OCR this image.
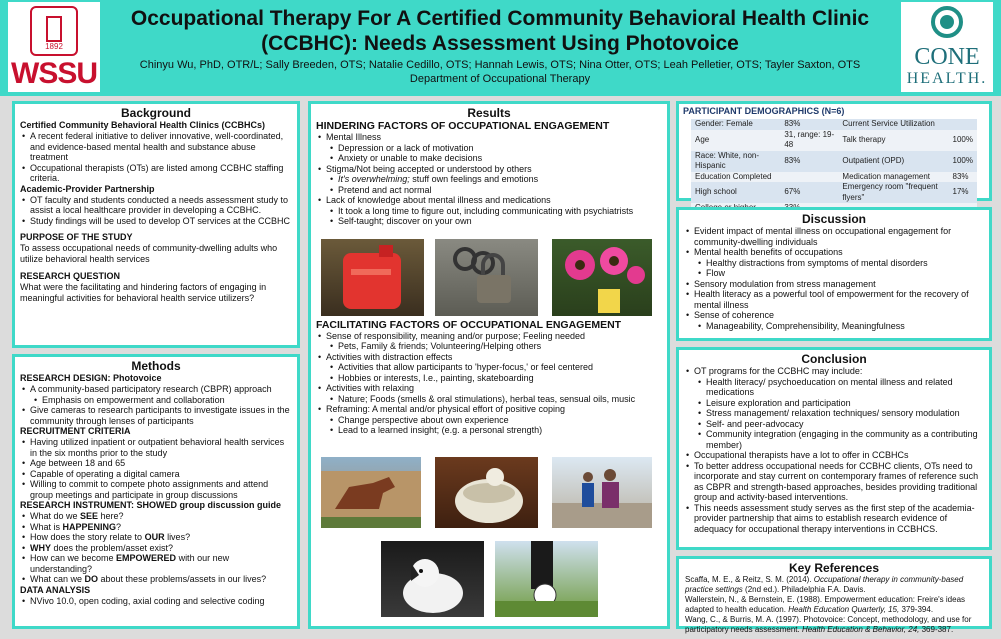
1892
WSSU
Occupational Therapy For A Certified Community Behavioral Health Clinic (CCBHC): Needs Assessment Using Photovoice
Chinyu Wu, PhD, OTR/L; Sally Breeden, OTS; Natalie Cedillo, OTS; Hannah Lewis, OTS; Nina Otter, OTS; Leah Pelletier, OTS; Tayler Saxton, OTS
Department of Occupational Therapy
CONE
HEALTH.
Background
Certified Community Behavioral Health Clinics (CCBHCs)
• A recent federal initiative to deliver innovative, well-coordinated, and evidence-based mental health and substance abuse treatment
• Occupational therapists (OTs) are listed among CCBHC staffing criteria.
Academic-Provider Partnership
• OT faculty and students conducted a needs assessment study to assist a local healthcare provider in developing a CCBHC.
• Study findings will be used to develop OT services at the CCBHC
PURPOSE OF THE STUDY
To assess occupational needs of community-dwelling adults who utilize behavioral health services
RESEARCH QUESTION
What were the facilitating and hindering factors of engaging in meaningful activities for behavioral health service utilizers?
Methods
RESEARCH DESIGN: Photovoice
• A community-based participatory research (CBPR) approach
• Emphasis on empowerment and collaboration
• Give cameras to research participants to investigate issues in the community through lenses of participants
RECRUITMENT CRITERIA
• Having utilized inpatient or outpatient behavioral health services in the six months prior to the study
• Age between 18 and 65
• Capable of operating a digital camera
• Willing to commit to compete photo assignments and attend group meetings and participate in group discussions
RESEARCH INSTRUMENT: SHOWED group discussion guide
• What do we SEE here?
• What is HAPPENING?
• How does the story relate to OUR lives?
• WHY does the problem/asset exist?
• How can we become EMPOWERED with our new understanding?
• What can we DO about these problems/assets in our lives?
DATA ANALYSIS
• NVivo 10.0, open coding, axial coding and selective coding
Results
HINDERING FACTORS OF OCCUPATIONAL ENGAGEMENT
• Mental Illness
• Depression or a lack of motivation
• Anxiety or unable to make decisions
• Stigma/Not being accepted or understood by others
• It's overwhelming; stuff own feelings and emotions
• Pretend and act normal
• Lack of knowledge about mental illness and medications
• It took a long time to figure out, including communicating with psychiatrists
• Self-taught; discover on your own
FACILITATING FACTORS OF OCCUPATIONAL ENGAGEMENT
• Sense of responsibility, meaning and/or purpose; Feeling needed
• Pets, Family & friends; Volunteering/Helping others
• Activities with distraction effects
• Activities that allow participants to 'hyper-focus,' or feel centered
• Hobbies or interests, I.e., painting, skateboarding
• Activities with relaxing
• Nature; Foods (smells & oral stimulations), herbal teas, sensual oils, music
• Reframing: A mental and/or physical effort of positive coping
• Change perspective about own experience
• Lead to a learned insight; (e.g. a personal strength)
PARTICIPANT DEMOGRAPHICS (N=6)
Gender: Female	83%	Current Service Utilization	
Age	31, range: 19-48	Talk therapy	100%
Race: White, non-Hispanic	83%	Outpatient (OPD)	100%
Education Completed		Medication management	83%
High school	67%	Emergency room "frequent flyers"	17%

Discussion
• Evident impact of mental illness on occupational engagement for community-dwelling individuals
• Mental health benefits of occupations
• Healthy distractions from symptoms of mental disorders
• Flow
• Sensory modulation from stress management
• Health literacy as a powerful tool of empowerment for the recovery of mental illness
• Sense of coherence
• Manageability, Comprehensibility, Meaningfulness
Conclusion
• OT programs for the CCBHC may include:
• Health literacy/ psychoeducation on mental illness and related medications
• Leisure exploration and participation
• Stress management/ relaxation techniques/ sensory modulation
• Self- and peer-advocacy
• Community integration (engaging in the community as a contributing member)
• Occupational therapists have a lot to offer in CCBHCs
• To better address occupational needs for CCBHC clients, OTs need to incorporate and stay current on contemporary frames of reference such as CBPR and strength-based approaches, besides providing traditional group and activity-based interventions.
• This needs assessment study serves as the first step of the academia-provider partnership that aims to establish research evidence of adequacy for occupational therapy interventions in CCBHCS.
Key References
Scaffa, M. E., & Reitz, S. M. (2014). Occupational therapy in community-based practice settings (2nd ed.). Philadelphia F.A. Davis.
Wallerstein, N., & Bernstein, E. (1988). Empowerment education: Freire's ideas adapted to health education. Health Education Quarterly, 15, 379-394.
Wang, C., & Burris, M. A. (1997). Photovoice: Concept, methodology, and use for participatory needs assessment. Health Education & Behavior, 24, 369-387.
